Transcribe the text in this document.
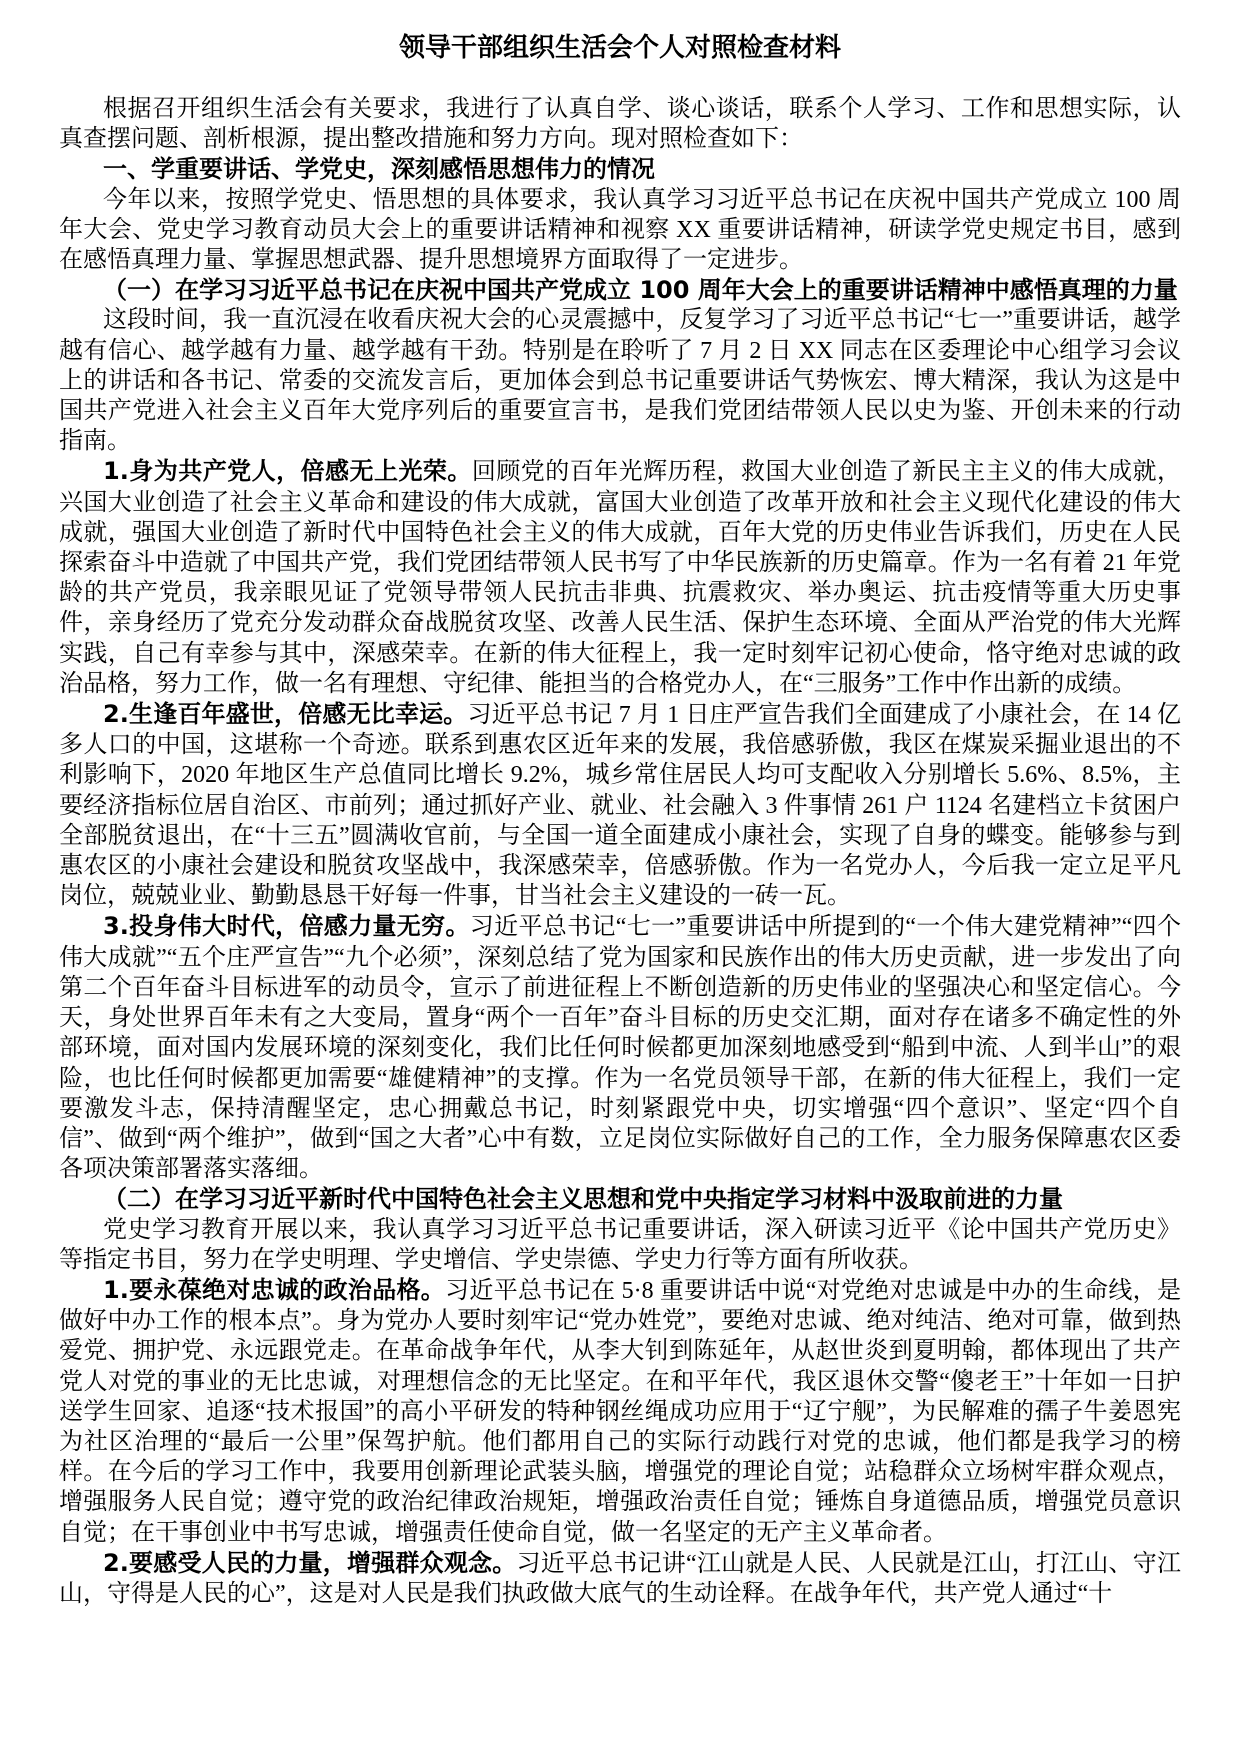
领导干部组织生活会个人对照检查材料

根据召开组织生活会有关要求，我进行了认真自学、谈心谈话，联系个人学习、工作和思想实际，认真查摆问题、剖析根源，提出整改措施和努力方向。现对照检查如下：

一、学重要讲话、学党史，深刻感悟思想伟力的情况

今年以来，按照学党史、悟思想的具体要求，我认真学习习近平总书记在庆祝中国共产党成立 100 周年大会、党史学习教育动员大会上的重要讲话精神和视察 XX 重要讲话精神，研读学党史规定书目，感到在感悟真理力量、掌握思想武器、提升思想境界方面取得了一定进步。

（一）在学习习近平总书记在庆祝中国共产党成立 100 周年大会上的重要讲话精神中感悟真理的力量

这段时间，我一直沉浸在收看庆祝大会的心灵震撼中，反复学习了习近平总书记“七一”重要讲话，越学越有信心、越学越有力量、越学越有干劲。特别是在聆听了 7 月 2 日 XX 同志在区委理论中心组学习会议上的讲话和各书记、常委的交流发言后，更加体会到总书记重要讲话气势恢宏、博大精深，我认为这是中国共产党进入社会主义百年大党序列后的重要宣言书，是我们党团结带领人民以史为鉴、开创未来的行动指南。

1.身为共产党人，倍感无上光荣。回顾党的百年光辉历程，救国大业创造了新民主主义的伟大成就，兴国大业创造了社会主义革命和建设的伟大成就，富国大业创造了改革开放和社会主义现代化建设的伟大成就，强国大业创造了新时代中国特色社会主义的伟大成就，百年大党的历史伟业告诉我们，历史在人民探索奋斗中造就了中国共产党，我们党团结带领人民书写了中华民族新的历史篇章。作为一名有着 21 年党龄的共产党员，我亲眼见证了党领导带领人民抗击非典、抗震救灾、举办奥运、抗击疫情等重大历史事件，亲身经历了党充分发动群众奋战脱贫攻坚、改善人民生活、保护生态环境、全面从严治党的伟大光辉实践，自己有幸参与其中，深感荣幸。在新的伟大征程上，我一定时刻牢记初心使命，恪守绝对忠诚的政治品格，努力工作，做一名有理想、守纪律、能担当的合格党办人，在“三服务”工作中作出新的成绩。

2.生逢百年盛世，倍感无比幸运。习近平总书记 7 月 1 日庄严宣告我们全面建成了小康社会，在 14 亿多人口的中国，这堪称一个奇迹。联系到惠农区近年来的发展，我倍感骄傲，我区在煤炭采掘业退出的不利影响下，2020 年地区生产总值同比增长 9.2%，城乡常住居民人均可支配收入分别增长 5.6%、8.5%，主要经济指标位居自治区、市前列；通过抓好产业、就业、社会融入 3 件事情 261 户 1124 名建档立卡贫困户全部脱贫退出，在“十三五”圆满收官前，与全国一道全面建成小康社会，实现了自身的蝶变。能够参与到惠农区的小康社会建设和脱贫攻坚战中，我深感荣幸，倍感骄傲。作为一名党办人，今后我一定立足平凡岗位，兢兢业业、勤勤恳恳干好每一件事，甘当社会主义建设的一砖一瓦。

3.投身伟大时代，倍感力量无穷。习近平总书记“七一”重要讲话中所提到的“一个伟大建党精神”“四个伟大成就”“五个庄严宣告”“九个必须”，深刻总结了党为国家和民族作出的伟大历史贡献，进一步发出了向第二个百年奋斗目标进军的动员令，宣示了前进征程上不断创造新的历史伟业的坚强决心和坚定信心。今天，身处世界百年未有之大变局，置身“两个一百年”奋斗目标的历史交汇期，面对存在诸多不确定性的外部环境，面对国内发展环境的深刻变化，我们比任何时候都更加深刻地感受到“船到中流、人到半山”的艰险，也比任何时候都更加需要“雄健精神”的支撑。作为一名党员领导干部，在新的伟大征程上，我们一定要激发斗志，保持清醒坚定，忠心拥戴总书记，时刻紧跟党中央，切实增强“四个意识”、坚定“四个自信”、做到“两个维护”，做到“国之大者”心中有数，立足岗位实际做好自己的工作，全力服务保障惠农区委各项决策部署落实落细。

（二）在学习习近平新时代中国特色社会主义思想和党中央指定学习材料中汲取前进的力量

党史学习教育开展以来，我认真学习习近平总书记重要讲话，深入研读习近平《论中国共产党历史》等指定书目，努力在学史明理、学史增信、学史崇德、学史力行等方面有所收获。

1.要永葆绝对忠诚的政治品格。习近平总书记在 5·8 重要讲话中说“对党绝对忠诚是中办的生命线，是做好中办工作的根本点”。身为党办人要时刻牢记“党办姓党”，要绝对忠诚、绝对纯洁、绝对可靠，做到热爱党、拥护党、永远跟党走。在革命战争年代，从李大钊到陈延年，从赵世炎到夏明翰，都体现出了共产党人对党的事业的无比忠诚，对理想信念的无比坚定。在和平年代，我区退休交警“傻老王”十年如一日护送学生回家、追逐“技术报国”的高小平研发的特种钢丝绳成功应用于“辽宁舰”，为民解难的孺子牛姜恩宪为社区治理的“最后一公里”保驾护航。他们都用自己的实际行动践行对党的忠诚，他们都是我学习的榜样。在今后的学习工作中，我要用创新理论武装头脑，增强党的理论自觉；站稳群众立场树牢群众观点，增强服务人民自觉；遵守党的政治纪律政治规矩，增强政治责任自觉；锤炼自身道德品质，增强党员意识自觉；在干事创业中书写忠诚，增强责任使命自觉，做一名坚定的无产主义革命者。

2.要感受人民的力量，增强群众观念。习近平总书记讲“江山就是人民、人民就是江山，打江山、守江山，守得是人民的心”，这是对人民是我们执政做大底气的生动诠释。在战争年代，共产党人通过“十
